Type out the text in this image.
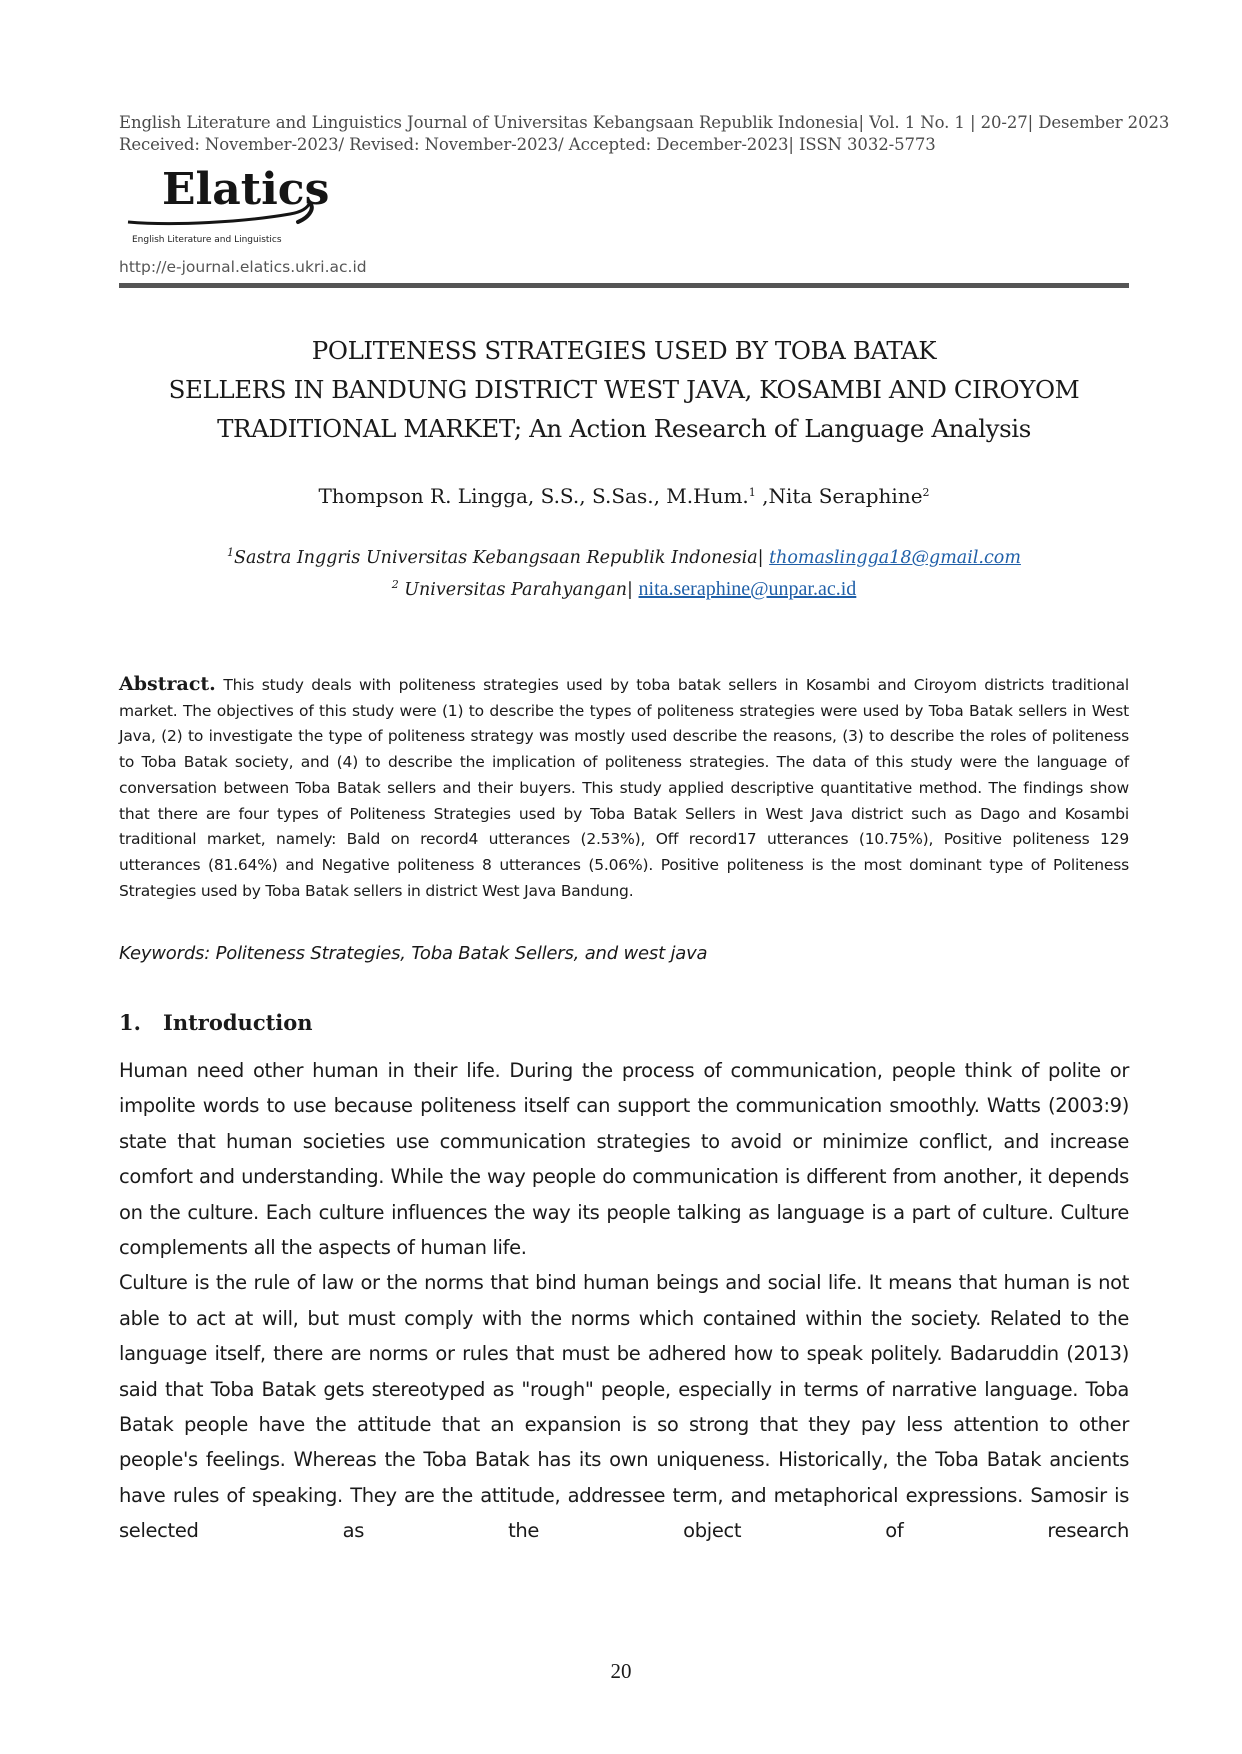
English Literature and Linguistics Journal of Universitas Kebangsaan Republik Indonesia| Vol. 1 No. 1 | 20-27| Desember 2023
Received: November-2023/ Revised: November-2023/ Accepted: December-2023| ISSN 3032-5773
Elatics
English Literature and Linguistics
http://e-journal.elatics.ukri.ac.id
POLITENESS STRATEGIES USED BY TOBA BATAK
SELLERS IN BANDUNG DISTRICT WEST JAVA, KOSAMBI AND CIROYOM
TRADITIONAL MARKET; An Action Research of Language Analysis
Thompson R. Lingga, S.S., S.Sas., M.Hum.$^1$ ,Nita Seraphine$^2$
$^1$Sastra Inggris Universitas Kebangsaan Republik Indonesia| thomaslingga18@gmail.com
$^2$ Universitas Parahyangan| nita.seraphine@unpar.ac.id
Abstract. This study deals with politeness strategies used by toba batak sellers in Kosambi and Ciroyom districts traditional market. The objectives of this study were (1) to describe the types of politeness strategies were used by Toba Batak sellers in West Java, (2) to investigate the type of politeness strategy was mostly used describe the reasons, (3) to describe the roles of politeness to Toba Batak society, and (4) to describe the implication of politeness strategies. The data of this study were the language of conversation between Toba Batak sellers and their buyers. This study applied descriptive quantitative method. The findings show that there are four types of Politeness Strategies used by Toba Batak Sellers in West Java district such as Dago and Kosambi traditional market, namely: Bald on record4 utterances (2.53%), Off record17 utterances (10.75%), Positive politeness 129 utterances (81.64%) and Negative politeness 8 utterances (5.06%). Positive politeness is the most dominant type of Politeness Strategies used by Toba Batak sellers in district West Java Bandung.
Keywords: Politeness Strategies, Toba Batak Sellers, and west java
1. Introduction

Human need other human in their life. During the process of communication, people think of polite or impolite words to use because politeness itself can support the communication smoothly. Watts (2003:9) state that human societies use communication strategies to avoid or minimize conflict, and increase comfort and understanding. While the way people do communication is different from another, it depends on the culture. Each culture influences the way its people talking as language is a part of culture. Culture complements all the aspects of human life.

Culture is the rule of law or the norms that bind human beings and social life. It means that human is not able to act at will, but must comply with the norms which contained within the society. Related to the language itself, there are norms or rules that must be adhered how to speak politely. Badaruddin (2013) said that Toba Batak gets stereotyped as "rough" people, especially in terms of narrative language. Toba Batak people have the attitude that an expansion is so strong that they pay less attention to other people's feelings. Whereas the Toba Batak has its own uniqueness. Historically, the Toba Batak ancients have rules of speaking. They are the attitude, addressee term, and metaphorical expressions. Samosir is selected as the object of research

20
